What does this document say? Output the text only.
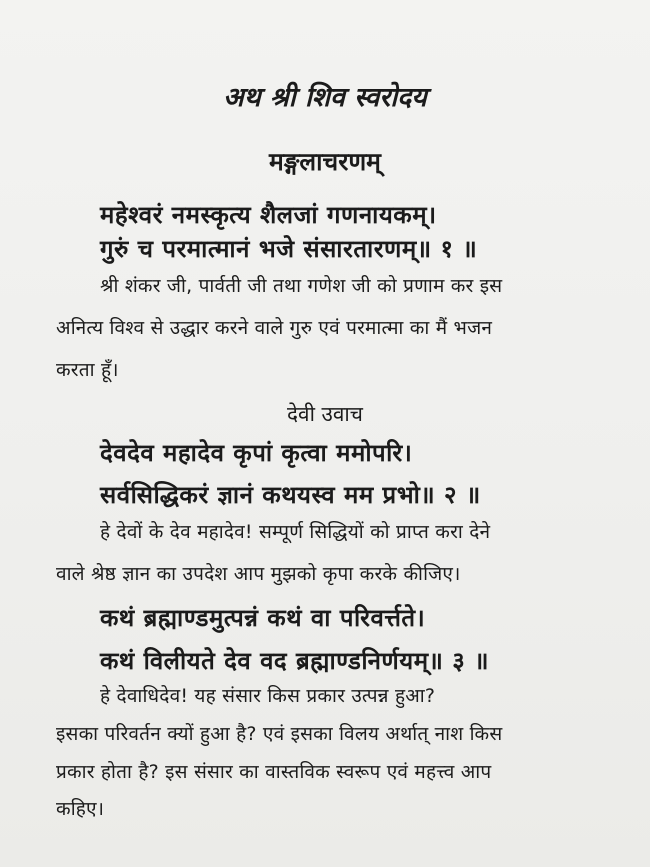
अथ श्री शिव स्वरोदय
मङ्गलाचरणम्
महेश्वरं नमस्कृत्य शैलजां गणनायकम्।
गुरुं च परमात्मानं भजे संसारतारणम्॥ १ ॥
श्री शंकर जी, पार्वती जी तथा गणेश जी को प्रणाम कर इस
अनित्य विश्व से उद्धार करने वाले गुरु एवं परमात्मा का मैं भजन
करता हूँ।
देवी उवाच
देवदेव महादेव कृपां कृत्वा ममोपरि।
सर्वसिद्धिकरं ज्ञानं कथयस्व मम प्रभो॥ २ ॥
हे देवों के देव महादेव! सम्पूर्ण सिद्धियों को प्राप्त करा देने
वाले श्रेष्ठ ज्ञान का उपदेश आप मुझको कृपा करके कीजिए।
कथं ब्रह्माण्डमुत्पन्नं कथं वा परिवर्त्तते।
कथं विलीयते देव वद ब्रह्माण्डनिर्णयम्॥ ३ ॥
हे देवाधिदेव! यह संसार किस प्रकार उत्पन्न हुआ?
इसका परिवर्तन क्यों हुआ है? एवं इसका विलय अर्थात् नाश किस
प्रकार होता है? इस संसार का वास्तविक स्वरूप एवं महत्त्व आप
कहिए।
